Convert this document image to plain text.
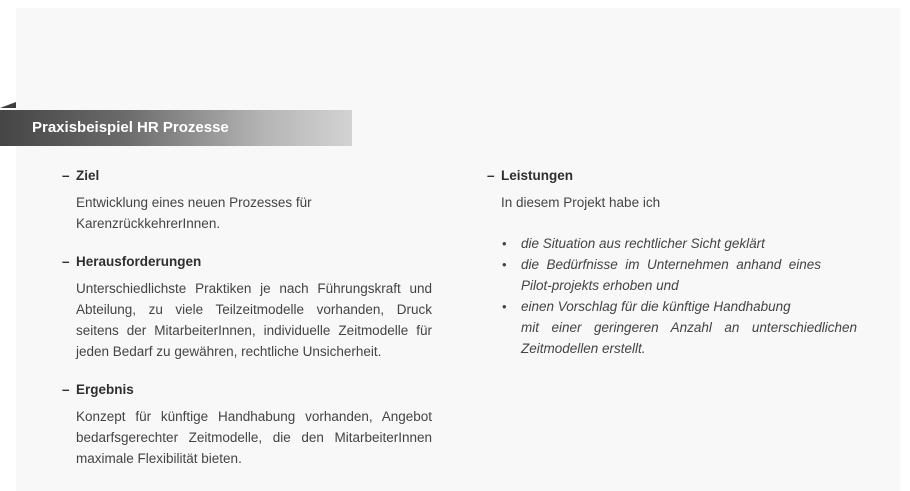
Praxisbeispiel HR Prozesse
– Ziel
Entwicklung eines neuen Prozesses für KarenzrückkehrerInnen.
– Herausforderungen
Unterschiedlichste Praktiken je nach Führungskraft und Abteilung, zu viele Teilzeitmodelle vorhanden, Druck seitens der MitarbeiterInnen, individuelle Zeitmodelle für jeden Bedarf zu gewähren, rechtliche Unsicherheit.
– Ergebnis
Konzept für künftige Handhabung vorhanden, Angebot bedarfsgerechter Zeitmodelle, die den MitarbeiterInnen maximale Flexibilität bieten.
– Leistungen
In diesem Projekt habe ich
• die Situation aus rechtlicher Sicht geklärt
• die Bedürfnisse im Unternehmen anhand eines Pilot-projekts erhoben und
• einen Vorschlag für die künftige Handhabung
mit einer geringeren Anzahl an unterschiedlichen
Zeitmodellen erstellt.
